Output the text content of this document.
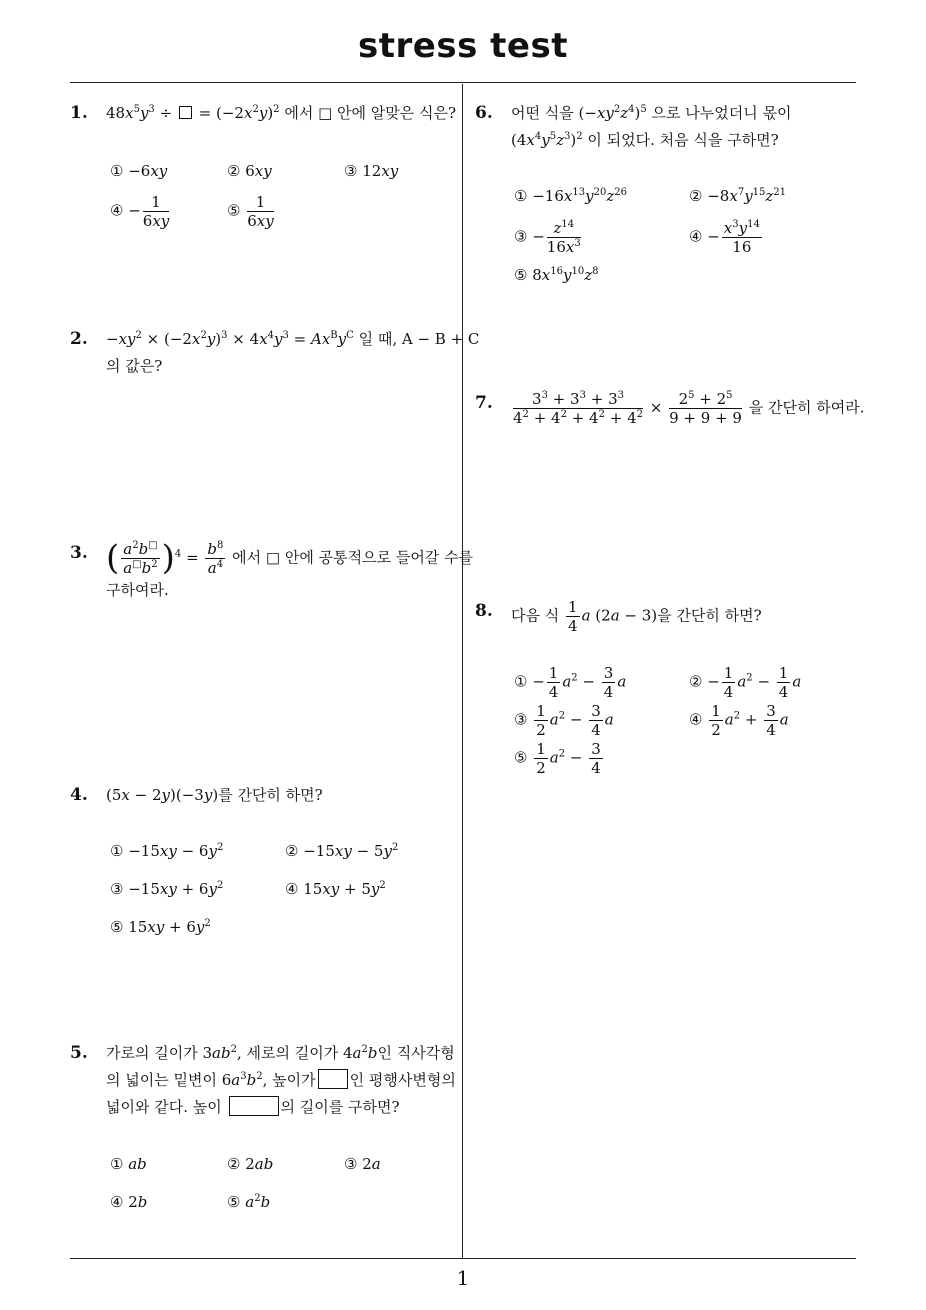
stress test
1
1. $48x^5y^3$ ÷  = $(-2x^2y)^2$ 에서 □ 안에 알맞은 식은?
① −6xy	② 6xy	③ 12xy
④ − $\frac{1}{6xy}$	⑤ $\frac{1}{6xy}$
2. $-xy^2 \times (-2x^2y)^3 \times 4x^4y^3 = Ax^By^C$ 일 때, A − B + C
의 값은?
3. ( $\frac{a^2b^□}{a^□b^2} )^4 = \frac{b^8}{a^4}$ 에서 □ 안에 공통적으로 들어갈 수를
구하여라.
4. (5x − 2y)(−3y)를 간단히 하면?
① $-15xy - 6y^2$	② $-15xy - 5y^2$
③ $-15xy + 6y^2$	④ $15xy + 5y^2$
⑤ $15xy + 6y^2$
5. 가로의 길이가 $3ab^2$, 세로의 길이가 $4a^2b$인 직사각형
의 넓이는 밑변이 $6a^3b^2$, 높이가 인 평행사변형의
넓이와 같다. 높이	의 길이를 구하면?
① ab	② 2ab	③ 2a
④ 2b	⑤ $a^2b$
6. 어떤 식을 $(-xy^2z^4)^5$ 으로 나누었더니 몫이
$(4x^4y^5z^3)^2$ 이 되었다. 처음 식을 구하면?
① $-16x^{13}y^{20}z^{26}$	② $-8x^7y^{15}z^{21}$
③ − $\frac{z^{14}}{16x^3}$	④ − $\frac{x^3y^{14}}{16}$
⑤ $8x^{16}y^{10}z^8$
7. $\frac{3^3 + 3^3 + 3^3}{4^2 + 4^2 + 4^2 + 4^2} \times \frac{2^5 + 2^5}{9 + 9 + 9}$ 을 간단히 하여라.
8. 다음 식 $\frac{1}{4}$ a (2a − 3)을 간단히 하면?
① − $\frac{1}{4} a^2 - \frac{3}{4}$ a	② − $\frac{1}{4} a^2 - \frac{1}{4}$ a
③ $\frac{1}{2} a^2 - \frac{3}{4}$ a	④ $\frac{1}{2} a^2 + \frac{3}{4}$ a
⑤ $\frac{1}{2} a^2 - \frac{3}{4}$
